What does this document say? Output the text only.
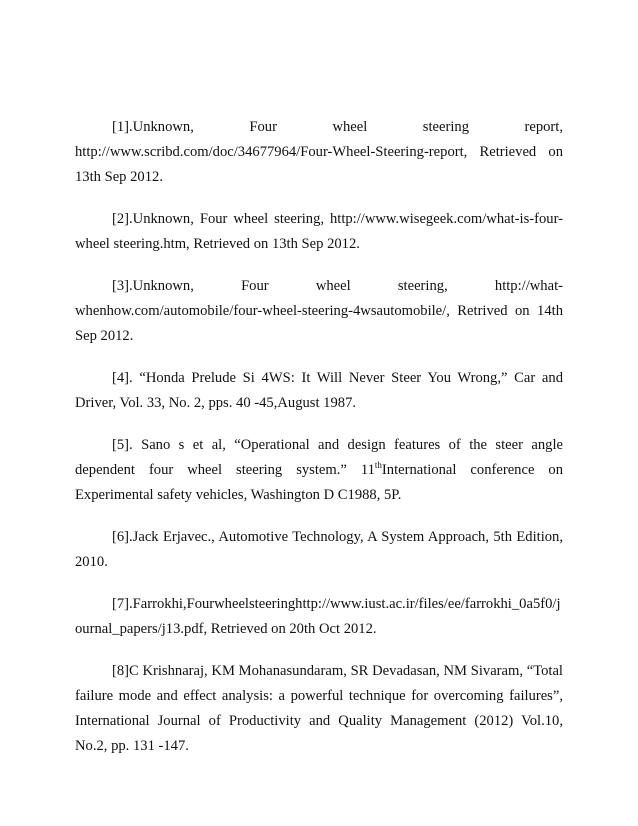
[1].Unknown, Four wheel steering report, http://www.scribd.com/doc/34677964/Four-Wheel-Steering-report, Retrieved on 13th Sep 2012.

[2].Unknown, Four wheel steering, http://www.wisegeek.com/what-is-four-wheel steering.htm, Retrieved on 13th Sep 2012.

[3].Unknown, Four wheel steering, http://what-whenhow.com/automobile/four-wheel-steering-4wsautomobile/, Retrived on 14th Sep 2012.

[4]. “Honda Prelude Si 4WS: It Will Never Steer You Wrong,” Car and Driver, Vol. 33, No. 2, pps. 40 -45,August 1987.

[5]. Sano s et al, “Operational and design features of the steer angle dependent four wheel steering system.” 11thInternational conference on Experimental safety vehicles, Washington D C1988, 5P.

[6].Jack Erjavec., Automotive Technology, A System Approach, 5th Edition, 2010.

[7].Farrokhi,Fourwheelsteeringhttp://www.iust.ac.ir/files/ee/farrokhi_0a5f0/journal_papers/j13.pdf, Retrieved on 20th Oct 2012.

[8]C Krishnaraj, KM Mohanasundaram, SR Devadasan, NM Sivaram, “Total failure mode and effect analysis: a powerful technique for overcoming failures”, International Journal of Productivity and Quality Management (2012) Vol.10, No.2, pp. 131 -147.
